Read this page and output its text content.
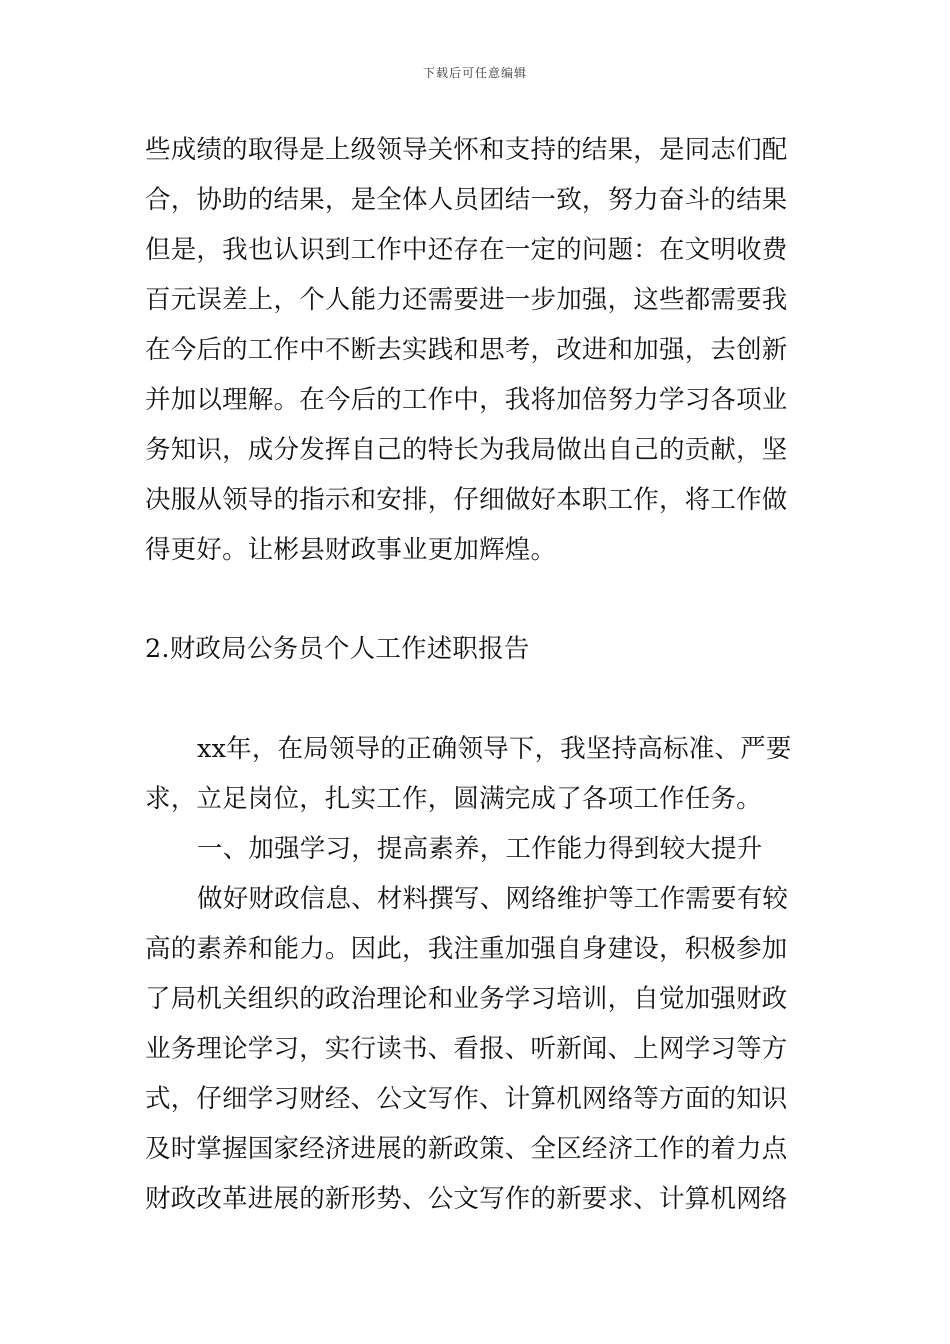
下载后可任意编辑
些成绩的取得是上级领导关怀和支持的结果，是同志们配
合，协助的结果，是全体人员团结一致，努力奋斗的结果
但是，我也认识到工作中还存在一定的问题：在文明收费
百元误差上，个人能力还需要进一步加强，这些都需要我
在今后的工作中不断去实践和思考，改进和加强，去创新
并加以理解。在今后的工作中，我将加倍努力学习各项业
务知识，成分发挥自己的特长为我局做出自己的贡献，坚
决服从领导的指示和安排，仔细做好本职工作，将工作做
得更好。让彬县财政事业更加辉煌。
2.财政局公务员个人工作述职报告
xx年，在局领导的正确领导下，我坚持高标准、严要
求，立足岗位，扎实工作，圆满完成了各项工作任务。
一、加强学习，提高素养，工作能力得到较大提升
做好财政信息、材料撰写、网络维护等工作需要有较
高的素养和能力。因此，我注重加强自身建设，积极参加
了局机关组织的政治理论和业务学习培训，自觉加强财政
业务理论学习，实行读书、看报、听新闻、上网学习等方
式，仔细学习财经、公文写作、计算机网络等方面的知识
及时掌握国家经济进展的新政策、全区经济工作的着力点
财政改革进展的新形势、公文写作的新要求、计算机网络
